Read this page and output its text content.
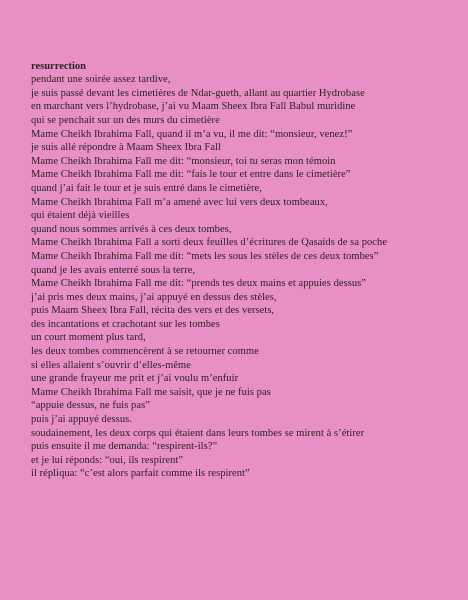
resurrection
pendant une soirée assez tardive,
je suis passé devant les cimetières de Ndar-gueth, allant au quartier Hydrobase
en marchant vers l’hydrobase, j’ai vu Maam Sheex Ibra Fall Babul muridine
qui se penchait sur un des murs du cimetière
Mame Cheikh Ibrahima Fall, quand il m’a vu, il me dit: “monsieur, venez!”
je suis allé répondre à Maam Sheex Ibra Fall
Mame Cheikh Ibrahima Fall me dit: “monsieur, toi tu seras mon témoin
Mame Cheikh Ibrahima Fall me dit: “fais le tour et entre dans le cimetière”
quand j’ai fait le tour et je suis entré dans le cimetière,
Mame Cheikh Ibrahima Fall m’a amené avec lui vers deux tombeaux,
qui étaient déjà vieilles
quand nous sommes arrivés à ces deux tombes,
Mame Cheikh Ibrahima Fall a sorti deux feuilles d’écritures de Qasaids de sa poche
Mame Cheikh Ibrahima Fall me dit: “mets les sous les stèles de ces deux tombes”
quand je les avais enterré sous la terre,
Mame Cheikh Ibrahima Fall me dit: “prends tes deux mains et appuies dessus”
j’ai pris mes deux mains, j’ai appuyé en dessus des stèles,
puis Maam Sheex Ibra Fall, récita des vers et des versets,
des incantations et crachotant sur les tombes
un court moment plus tard,
les deux tombes commencèrent à se retourner comme
si elles allaient s’ouvrir d’elles-même
une grande frayeur me prit et j’ai voulu m’enfuir
Mame Cheikh Ibrahima Fall me saisit, que je ne fuis pas
“appuie dessus, ne fuis pas”
puis j’ai appuyé dessus.
soudainement, les deux corps qui étaient dans leurs tombes se mirent à s’étirer
puis ensuite il me demanda: “respirent-ils?”
et je lui réponds: “oui, ils respirent”
il répliqua: “c’est alors parfait comme ils respirent”
